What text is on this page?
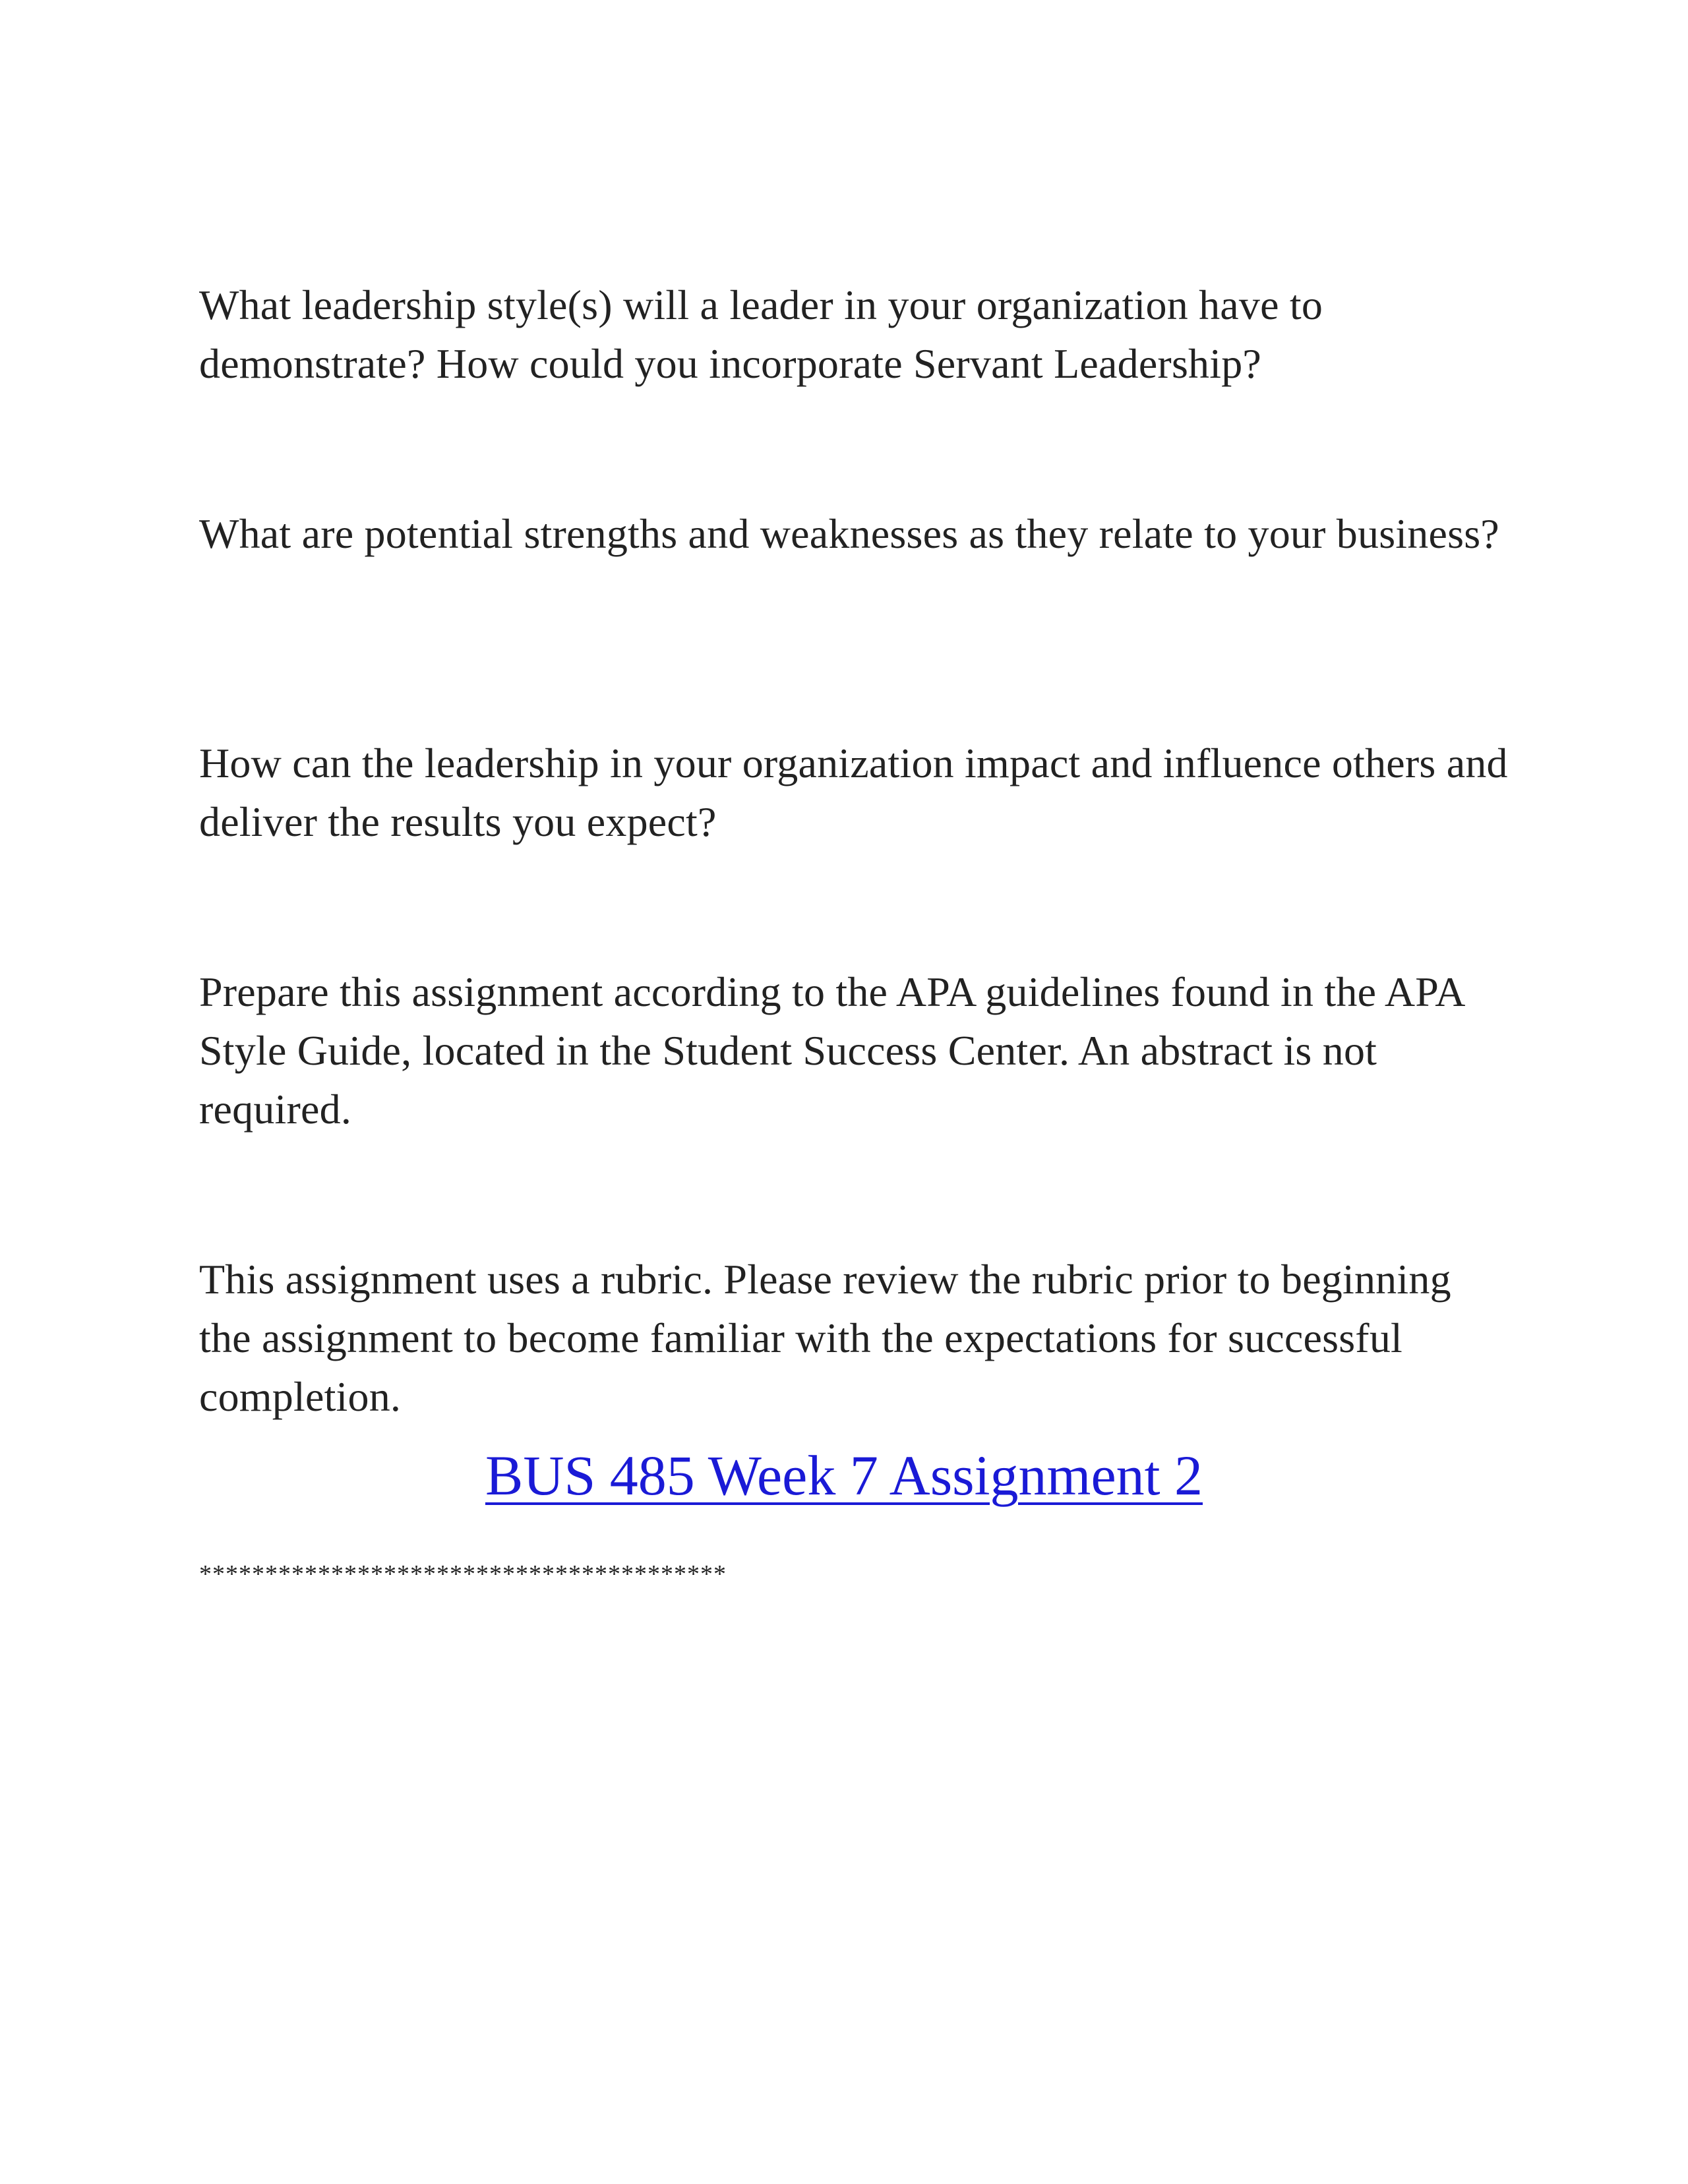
What leadership style(s) will a leader in your organization have to demonstrate? How could you incorporate Servant Leadership?

What are potential strengths and weaknesses as they relate to your business?

How can the leadership in your organization impact and influence others and deliver the results you expect?

Prepare this assignment according to the APA guidelines found in the APA Style Guide, located in the Student Success Center. An abstract is not required.

This assignment uses a rubric. Please review the rubric prior to beginning the assignment to become familiar with the expectations for successful completion.

****************************************
BUS 485 Week 7 Assignment 2
